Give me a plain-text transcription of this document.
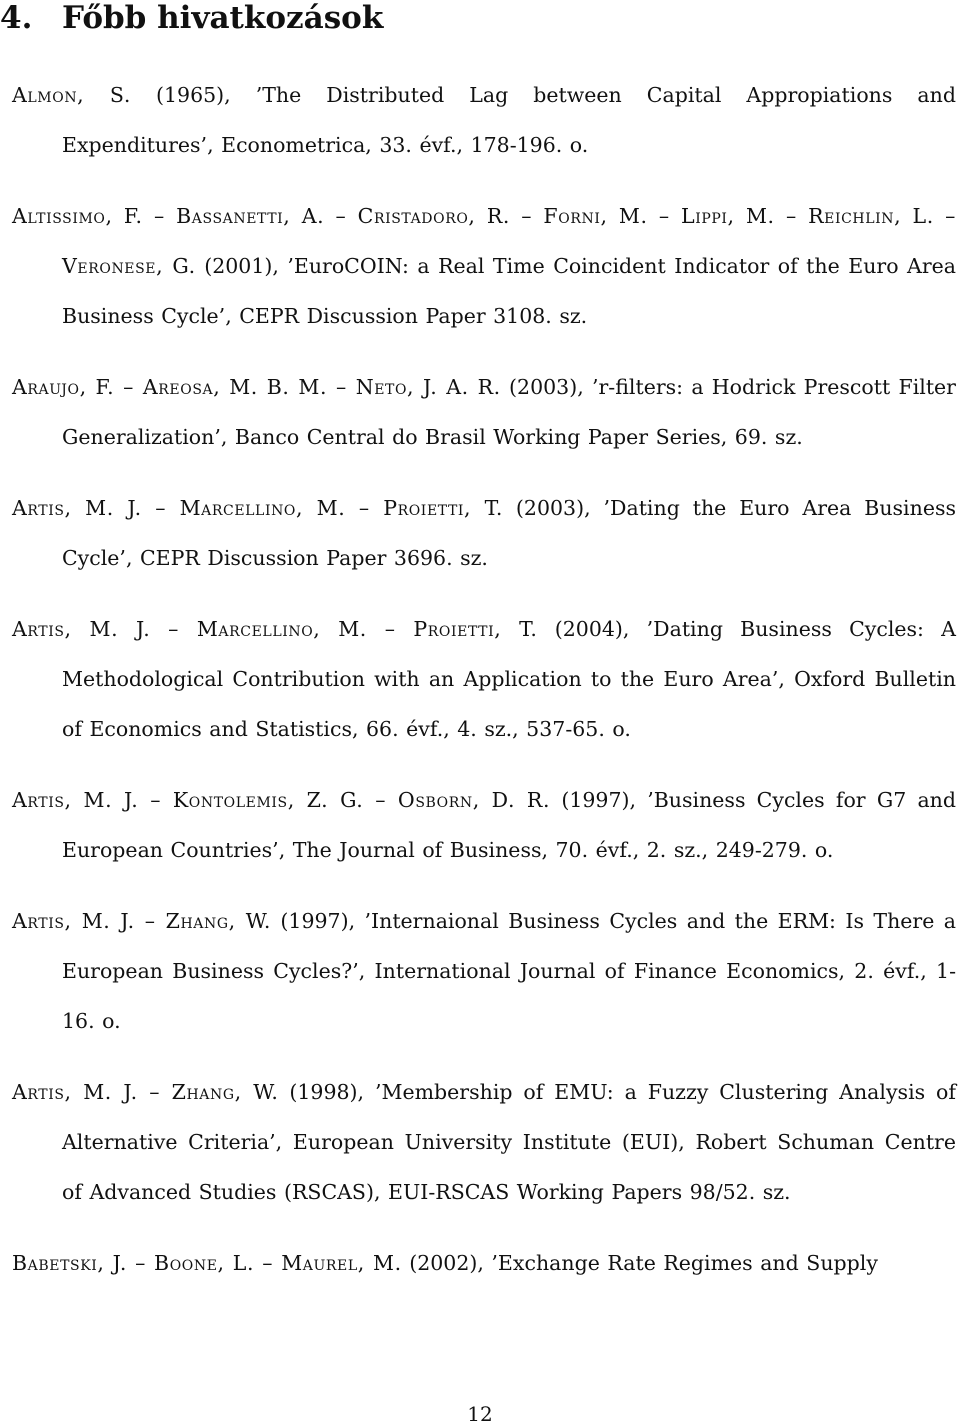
4. Főbb hivatkozások
Almon, S. (1965), ’The Distributed Lag between Capital Appropiations and Expenditures’, Econometrica, 33. évf., 178-196. o.
Altissimo, F. – Bassanetti, A. – Cristadoro, R. – Forni, M. – Lippi, M. – Reichlin, L. – Veronese, G. (2001), ’EuroCOIN: a Real Time Coincident Indicator of the Euro Area Business Cycle’, CEPR Discussion Paper 3108. sz.
Araujo, F. – Areosa, M. B. M. – Neto, J. A. R. (2003), ’r-filters: a Hodrick Prescott Filter Generalization’, Banco Central do Brasil Working Paper Series, 69. sz.
Artis, M. J. – Marcellino, M. – Proietti, T. (2003), ’Dating the Euro Area Business Cycle’, CEPR Discussion Paper 3696. sz.
Artis, M. J. – Marcellino, M. – Proietti, T. (2004), ’Dating Business Cycles: A Methodological Contribution with an Application to the Euro Area’, Oxford Bulletin of Economics and Statistics, 66. évf., 4. sz., 537-65. o.
Artis, M. J. – Kontolemis, Z. G. – Osborn, D. R. (1997), ’Business Cycles for G7 and European Countries’, The Journal of Business, 70. évf., 2. sz., 249-279. o.
Artis, M. J. – Zhang, W. (1997), ’Internaional Business Cycles and the ERM: Is There a European Business Cycles?’, International Journal of Finance Economics, 2. évf., 1-16. o.
Artis, M. J. – Zhang, W. (1998), ’Membership of EMU: a Fuzzy Clustering Analysis of Alternative Criteria’, European University Institute (EUI), Robert Schuman Centre of Advanced Studies (RSCAS), EUI-RSCAS Working Papers 98/52. sz.
Babetski, J. – Boone, L. – Maurel, M. (2002), ’Exchange Rate Regimes and Supply
12
